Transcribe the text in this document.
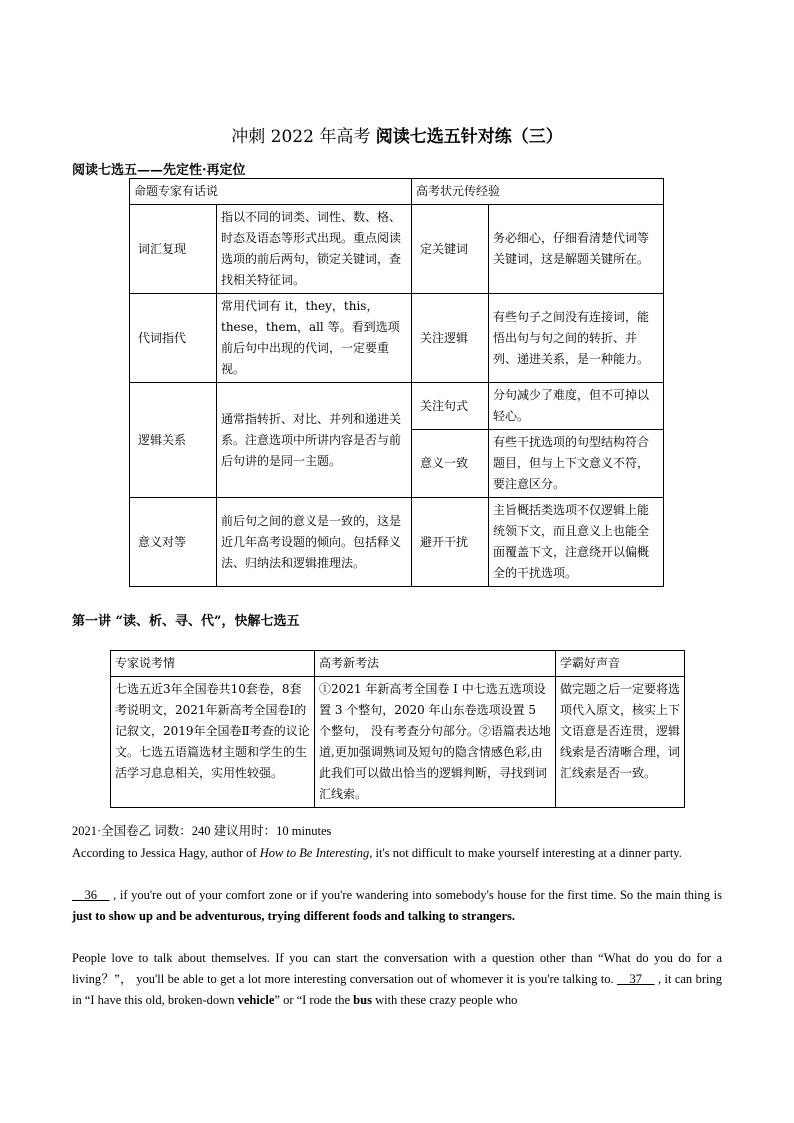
冲刺 2022 年高考 阅读七选五针对练（三）
阅读七选五——先定性·再定位
命题专家有话说		高考状元传经验	
词汇复现	指以不同的词类、词性、数、格、时态及语态等形式出现。重点阅读选项的前后两句，锁定关键词，查找相关特征词。	定关键词	务必细心，仔细看清楚代词等关键词，这是解题关键所在。
代词指代	常用代词有 it，they，this，these，them，all 等。看到选项前后句中出现的代词，一定要重视。	关注逻辑	有些句子之间没有连接词，能悟出句与句之间的转折、并列、递进关系，是一种能力。
逻辑关系	通常指转折、对比、并列和递进关系。注意选项中所讲内容是否与前后句讲的是同一主题。	关注句式	分句减少了难度，但不可掉以轻心。
		意义一致	有些干扰选项的句型结构符合题目，但与上下文意义不符，要注意区分。
意义对等	前后句之间的意义是一致的，这是近几年高考设题的倾向。包括释义法、归纳法和逻辑推理法。	避开干扰	主旨概括类选项不仅逻辑上能统领下文，而且意义上也能全面覆盖下文，注意绕开以偏概全的干扰选项。
第一讲 “读、析、寻、代”，快解七选五
专家说考情	高考新考法	学霸好声音
七选五近3年全国卷共10套卷，8套考说明文，2021年新高考全国卷Ⅰ的记叙文，2019年全国卷Ⅱ考查的议论文。七选五语篇选材主题和学生的生活学习息息相关，实用性较强。	①2021 年新高考全国卷 I 中七选五选项设置 3 个整句，2020 年山东卷选项设置 5 个整句， 没有考查分句部分。②语篇表达地道,更加强调熟词及短句的隐含情感色彩,由此我们可以做出恰当的逻辑判断，寻找到词汇线索。	做完题之后一定要将选项代入原文，核实上下文语意是否连贯，逻辑线索是否清晰合理，词汇线索是否一致。
2021·全国卷乙 词数：240 建议用时：10 minutes
According to Jessica Hagy, author of How to Be Interesting, it's not difficult to make yourself interesting at a dinner party.
__36__ , if you're out of your comfort zone or if you're wandering into somebody's house for the first time. So the main thing is just to show up and be adventurous, trying different foods and talking to strangers.
People love to talk about themselves. If you can start the conversation with a question other than “What do you do for a living？”， you'll be able to get a lot more interesting conversation out of whomever it is you're talking to. __37__ , it can bring in “I have this old, broken-down vehicle” or “I rode the bus with these crazy people who
